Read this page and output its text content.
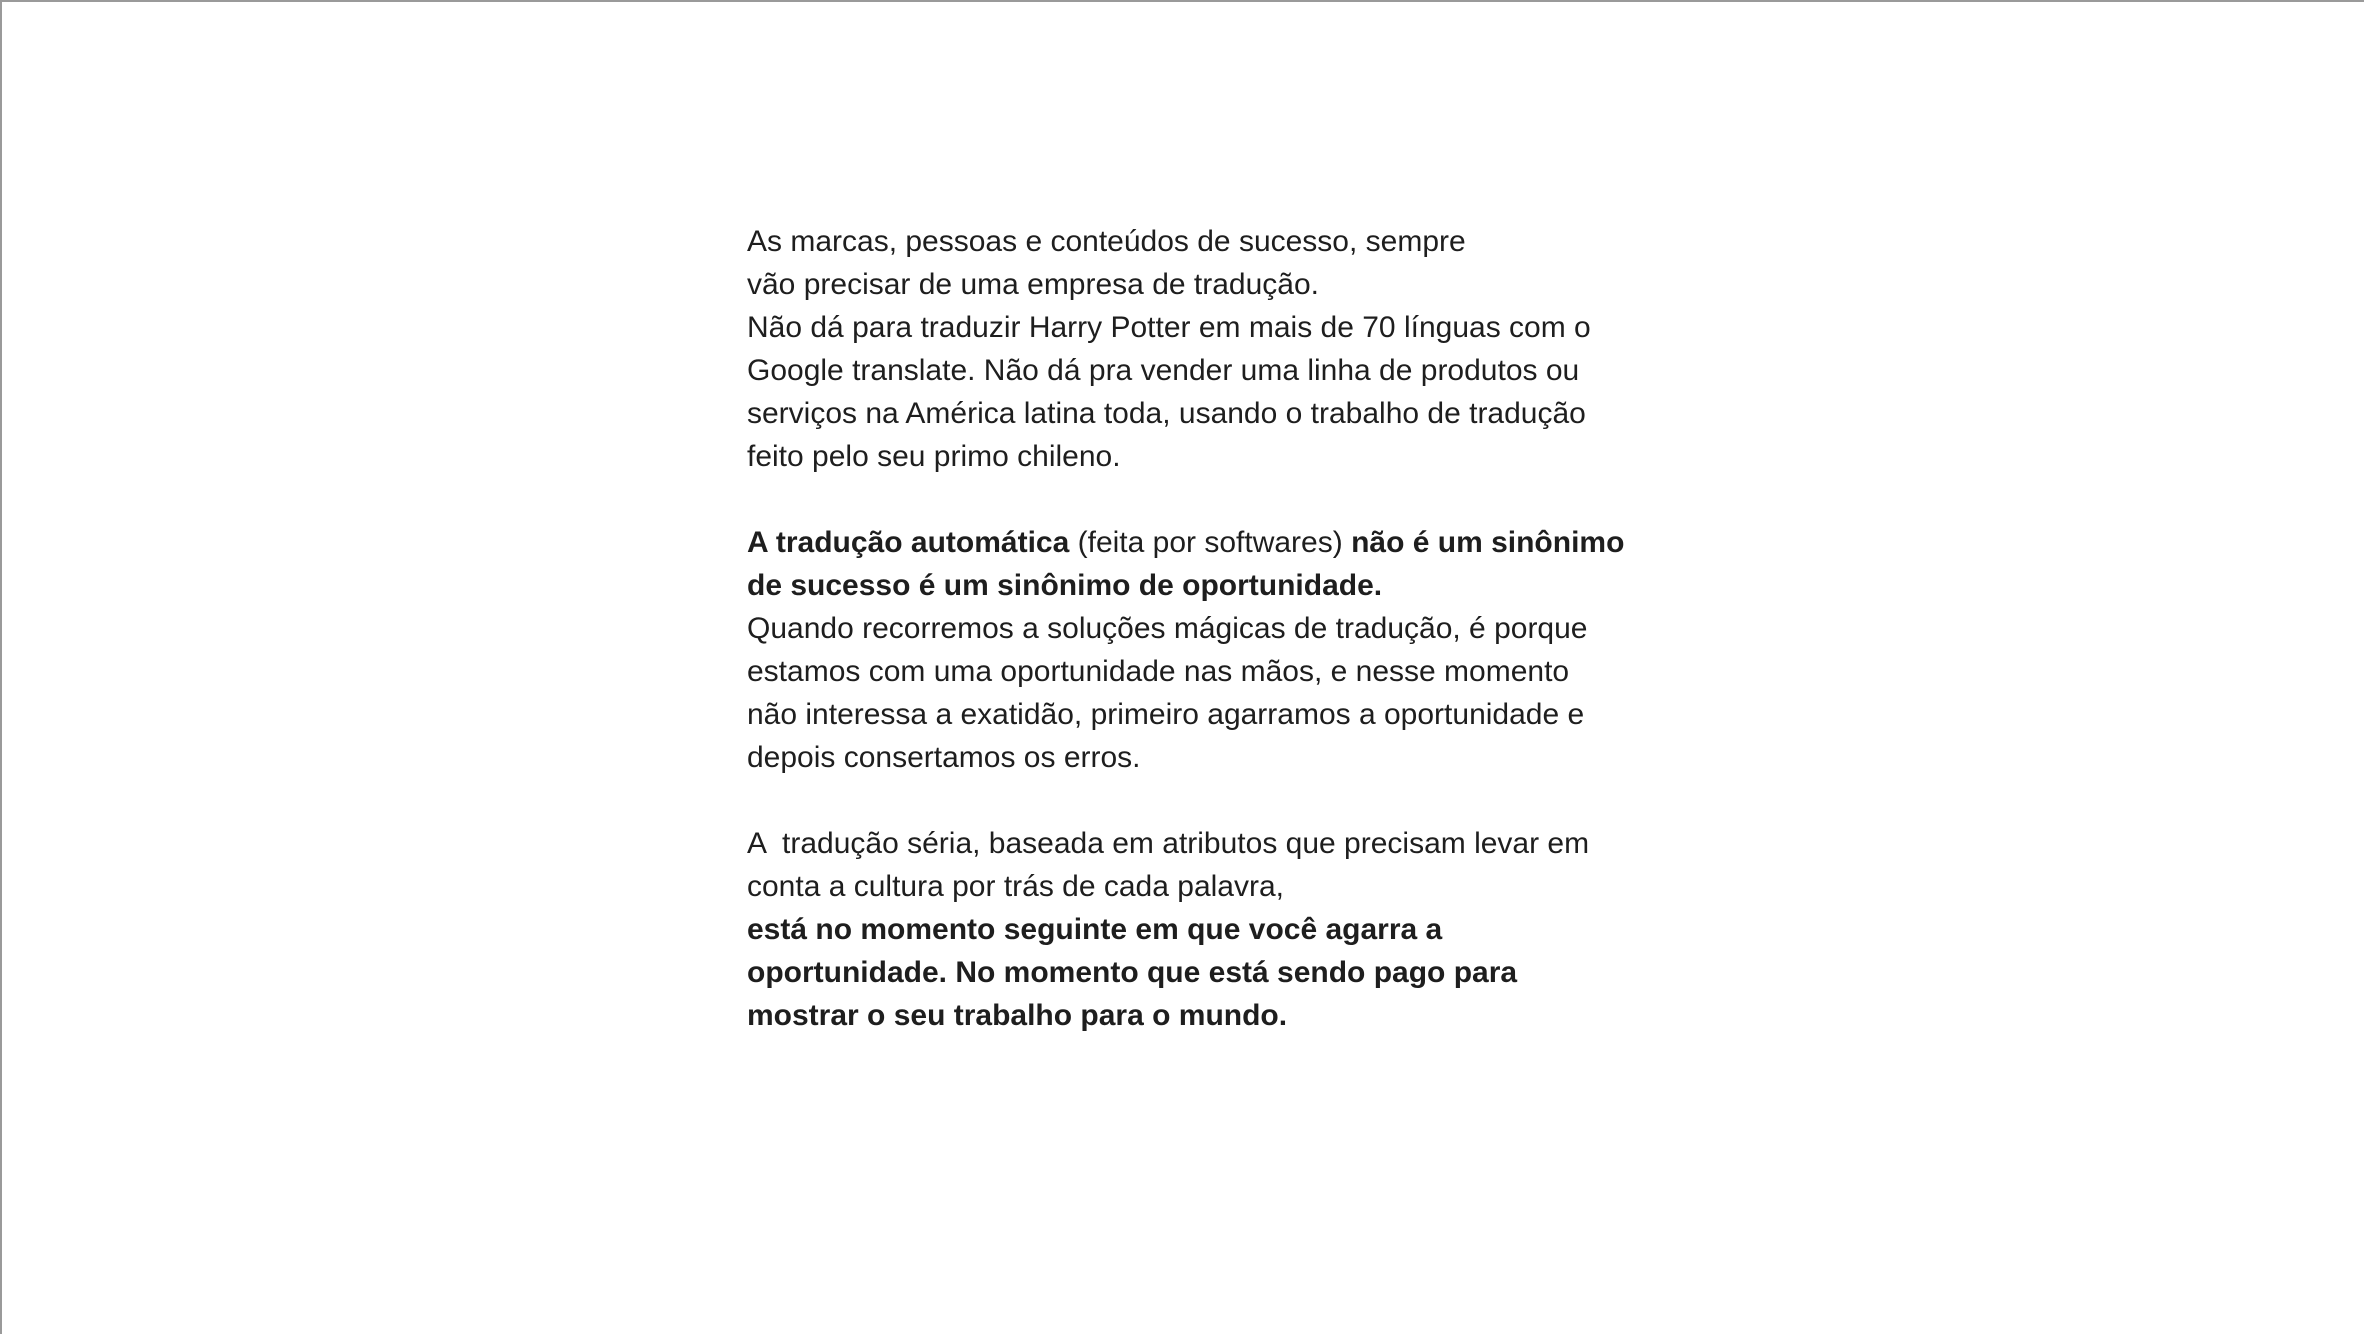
As marcas, pessoas e conteúdos de sucesso, sempre
vão precisar de uma empresa de tradução.
Não dá para traduzir Harry Potter em mais de 70 línguas com o Google translate. Não dá pra vender uma linha de produtos ou serviços na América latina toda, usando o trabalho de tradução feito pelo seu primo chileno.

A tradução automática (feita por softwares) não é um sinônimo de sucesso é um sinônimo de oportunidade.
Quando recorremos a soluções mágicas de tradução, é porque estamos com uma oportunidade nas mãos, e nesse momento não interessa a exatidão, primeiro agarramos a oportunidade e depois consertamos os erros.

A  tradução séria, baseada em atributos que precisam levar em conta a cultura por trás de cada palavra,
está no momento seguinte em que você agarra a oportunidade. No momento que está sendo pago para mostrar o seu trabalho para o mundo.
